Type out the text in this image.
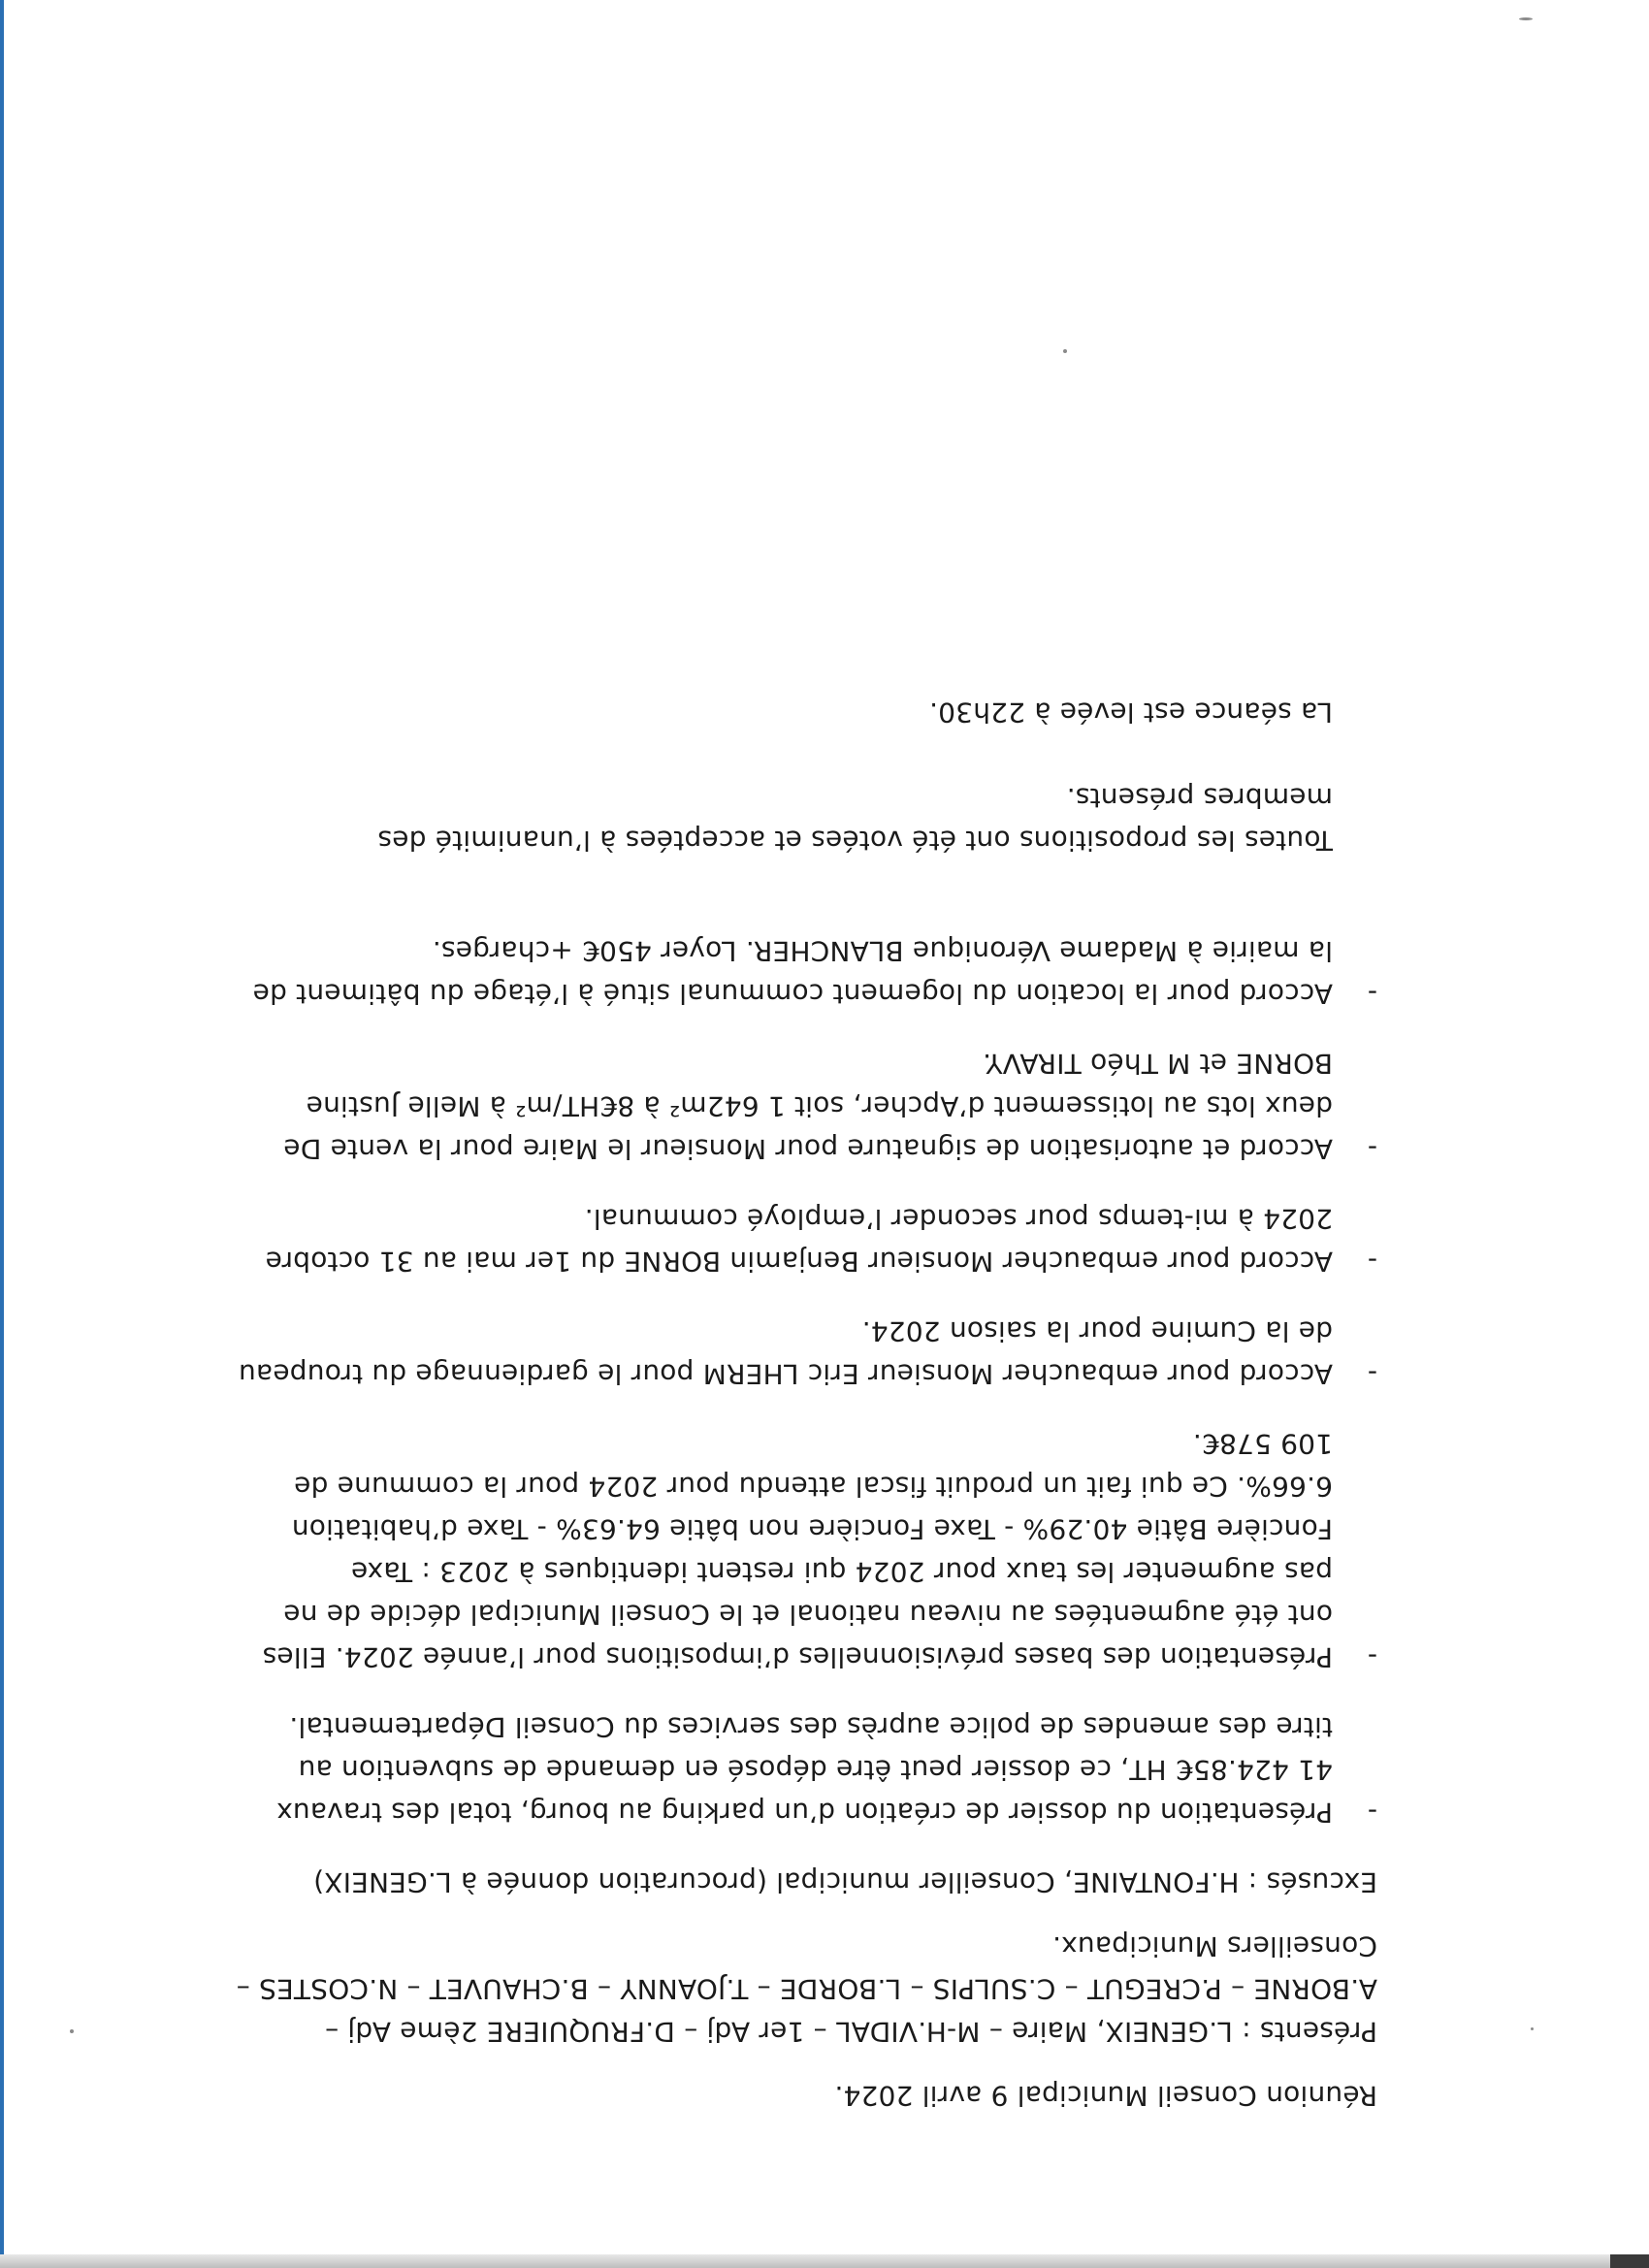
Réunion Conseil Municipal 9 avril 2024.
Présents : L.GENEIX, Maire – M-H.VIDAL – 1er Adj – D.FRUQUIERE 2ème Adj – A.BORNE – P.CREGUT – C.SULPIS – L.BORDE – T.JOANNY – B.CHAUVET – N.COSTES – Conseillers Municipaux.
Excusés : H.FONTAINE, Conseiller municipal (procuration donnée à L.GENEIX)
-
Présentation du dossier de création d’un parking au bourg, total des travaux 41 424.85€ HT, ce dossier peut être déposé en demande de subvention au titre des amendes de police auprès des services du Conseil Départemental.
-
Présentation des bases prévisionnelles d’impositions pour l’année 2024. Elles ont été augmentées au niveau national et le Conseil Municipal décide de ne pas augmenter les taux pour 2024 qui restent identiques à 2023 : Taxe Foncière Bâtie 40.29% - Taxe Foncière non bâtie 64.63% - Taxe d’habitation 6.66%. Ce qui fait un produit fiscal attendu pour 2024 pour la commune de 109 578€.
-
Accord pour embaucher Monsieur Eric LHERM pour le gardiennage du troupeau de la Cumine pour la saison 2024.
-
Accord pour embaucher Monsieur Benjamin BORNE du 1er mai au 31 octobre 2024 à mi-temps pour seconder l’employé communal.
-
Accord et autorisation de signature pour Monsieur le Maire pour la vente De deux lots au lotissement d’Apcher, soit 1 642m² à 8€HT/m² à Melle Justine BORNE et M Théo TIRAVY.
-
Accord pour la location du logement communal situé à l’étage du bâtiment de la mairie à Madame Véronique BLANCHER. Loyer 450€ +charges.
Toutes les propositions ont été votées et acceptées à l’unanimité des membres présents.
La séance est levée à 22h30.
